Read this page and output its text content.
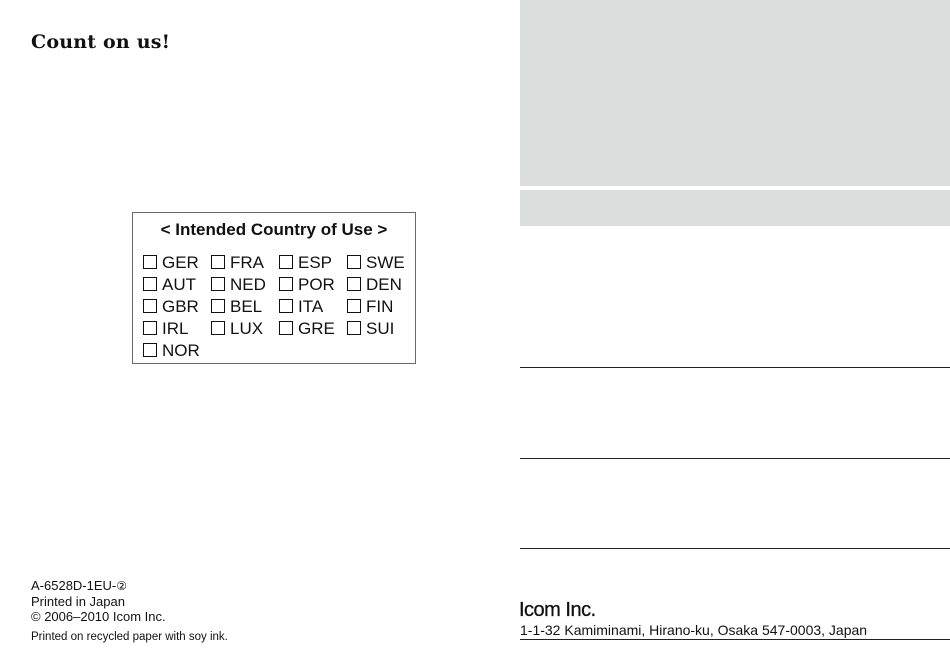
Count on us!
< Intended Country of Use >
GER FRA ESP SWE
AUT NED POR DEN
GBR BEL ITA	FIN
IRL LUX GRE SUI
NOR
A-6528D-1EU-②
Printed in Japan
© 2006–2010 Icom Inc.
Printed on recycled paper with soy ink.
Icom Inc.
1-1-32 Kamiminami, Hirano-ku, Osaka 547-0003, Japan
